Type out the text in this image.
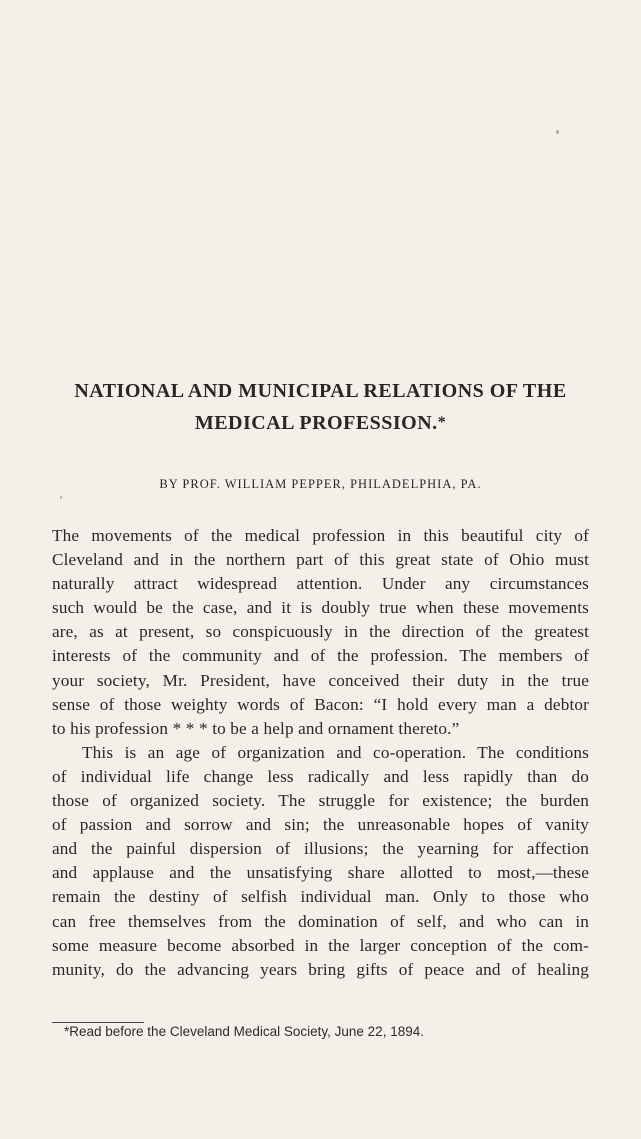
NATIONAL AND MUNICIPAL RELATIONS OF THE
MEDICAL PROFESSION.*
BY PROF. WILLIAM PEPPER, PHILADELPHIA, PA.

The movements of the medical profession in this beautiful city of
Cleveland and in the northern part of this great state of Ohio must
naturally attract widespread attention. Under any circumstances
such would be the case, and it is doubly true when these movements
are, as at present, so conspicuously in the direction of the greatest
interests of the community and of the profession. The members of
your society, Mr. President, have conceived their duty in the true
sense of those weighty words of Bacon: “I hold every man a debtor
to his profession * * * to be a help and ornament thereto.”

This is an age of organization and co-operation. The conditions
of individual life change less radically and less rapidly than do
those of organized society. The struggle for existence; the burden
of passion and sorrow and sin; the unreasonable hopes of vanity
and the painful dispersion of illusions; the yearning for affection
and applause and the unsatisfying share allotted to most,—these
remain the destiny of selfish individual man. Only to those who
can free themselves from the domination of self, and who can in
some measure become absorbed in the larger conception of the com-
munity, do the advancing years bring gifts of peace and of healing

*Read before the Cleveland Medical Society, June 22, 1894.
